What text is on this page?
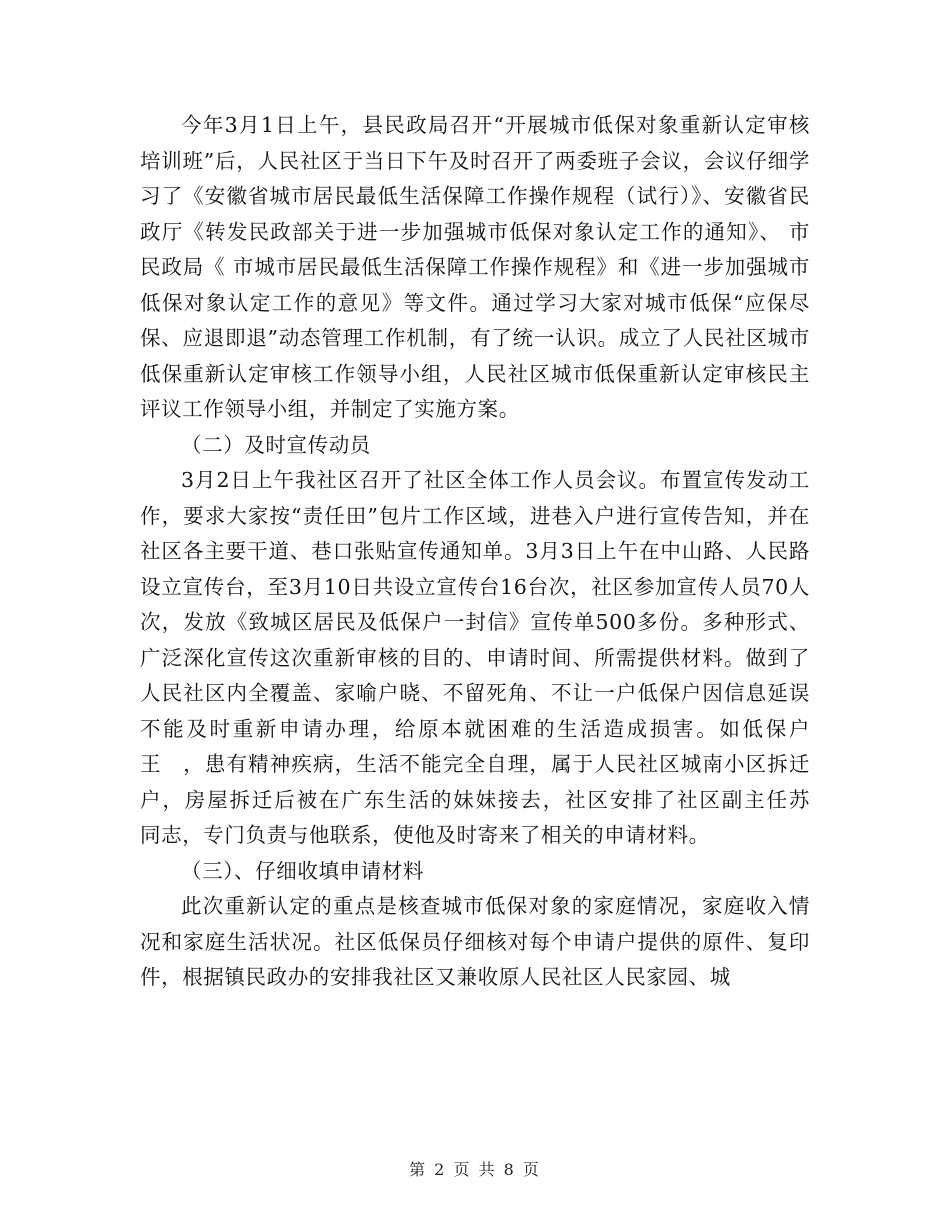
今年3月1日上午，县民政局召开“开展城市低保对象重新认定审核培训班”后，人民社区于当日下午及时召开了两委班子会议，会议仔细学习了《安徽省城市居民最低生活保障工作操作规程（试行）》、安徽省民政厅《转发民政部关于进一步加强城市低保对象认定工作的通知》、 市民政局《 市城市居民最低生活保障工作操作规程》和《进一步加强城市低保对象认定工作的意见》等文件。通过学习大家对城市低保“应保尽保、应退即退”动态管理工作机制，有了统一认识。成立了人民社区城市低保重新认定审核工作领导小组，人民社区城市低保重新认定审核民主评议工作领导小组，并制定了实施方案。

（二）及时宣传动员

3月2日上午我社区召开了社区全体工作人员会议。布置宣传发动工作，要求大家按“责任田”包片工作区域，进巷入户进行宣传告知，并在社区各主要干道、巷口张贴宣传通知单。3月3日上午在中山路、人民路设立宣传台，至3月10日共设立宣传台16台次，社区参加宣传人员70人次，发放《致城区居民及低保户一封信》宣传单500多份。多种形式、广泛深化宣传这次重新审核的目的、申请时间、所需提供材料。做到了人民社区内全覆盖、家喻户晓、不留死角、不让一户低保户因信息延误不能及时重新申请办理，给原本就困难的生活造成损害。如低保户王　，患有精神疾病，生活不能完全自理，属于人民社区城南小区拆迁户，房屋拆迁后被在广东生活的妹妹接去，社区安排了社区副主任苏　同志，专门负责与他联系，使他及时寄来了相关的申请材料。

（三）、仔细收填申请材料

此次重新认定的重点是核查城市低保对象的家庭情况，家庭收入情况和家庭生活状况。社区低保员仔细核对每个申请户提供的原件、复印件，根据镇民政办的安排我社区又兼收原人民社区人民家园、城

第 2 页 共 8 页
